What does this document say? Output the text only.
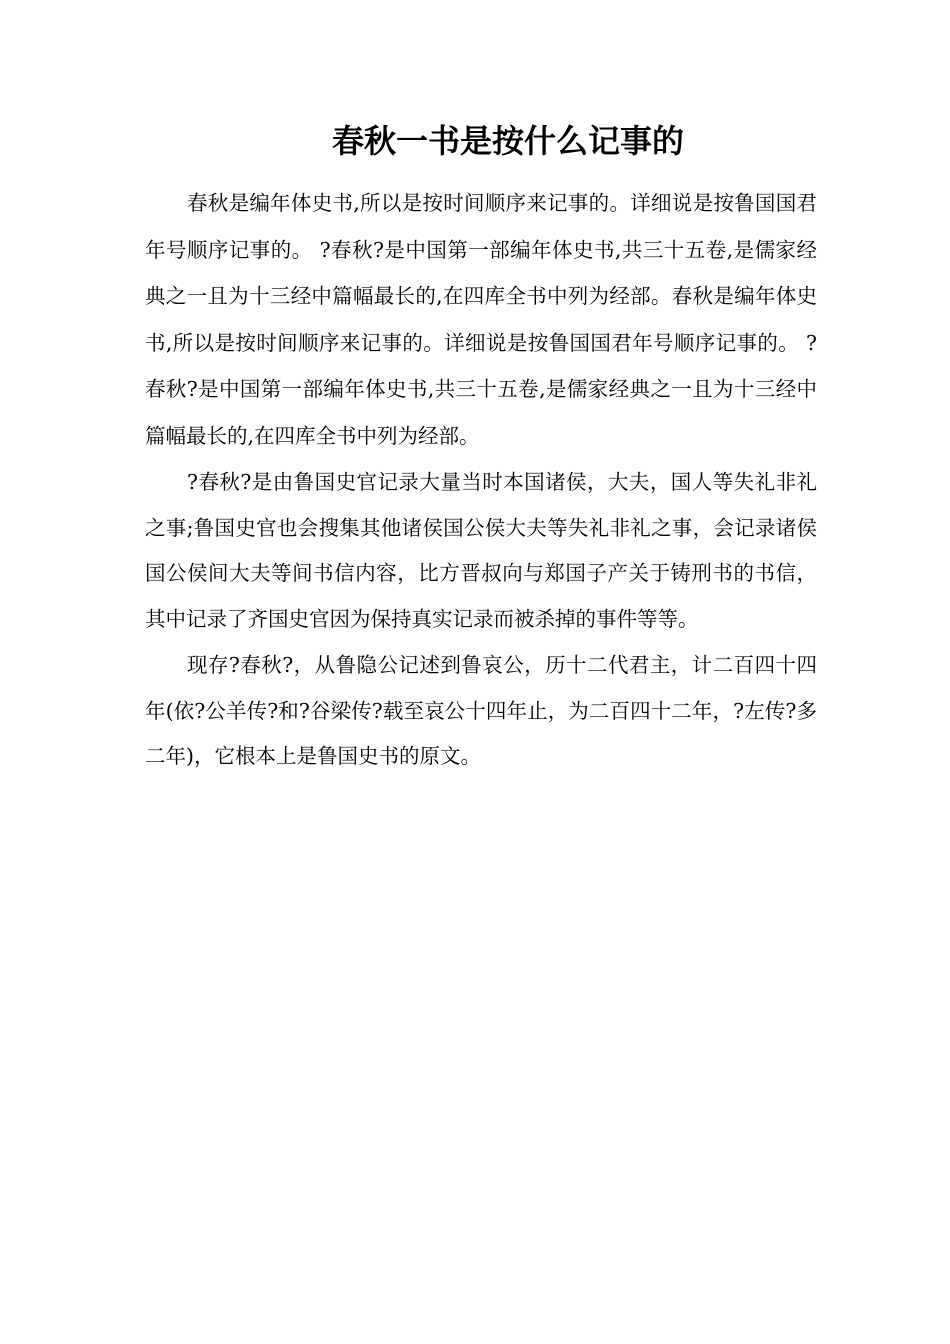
春秋一书是按什么记事的

春秋是编年体史书,所以是按时间顺序来记事的。详细说是按鲁国国君年号顺序记事的。 ?春秋?是中国第一部编年体史书,共三十五卷,是儒家经典之一且为十三经中篇幅最长的,在四库全书中列为经部。春秋是编年体史书,所以是按时间顺序来记事的。详细说是按鲁国国君年号顺序记事的。 ?春秋?是中国第一部编年体史书,共三十五卷,是儒家经典之一且为十三经中篇幅最长的,在四库全书中列为经部。

?春秋?是由鲁国史官记录大量当时本国诸侯，大夫，国人等失礼非礼之事;鲁国史官也会搜集其他诸侯国公侯大夫等失礼非礼之事，会记录诸侯国公侯间大夫等间书信内容，比方晋叔向与郑国子产关于铸刑书的书信，其中记录了齐国史官因为保持真实记录而被杀掉的事件等等。

现存?春秋?，从鲁隐公记述到鲁哀公，历十二代君主，计二百四十四年(依?公羊传?和?谷梁传?载至哀公十四年止，为二百四十二年，?左传?多二年)，它根本上是鲁国史书的原文。
